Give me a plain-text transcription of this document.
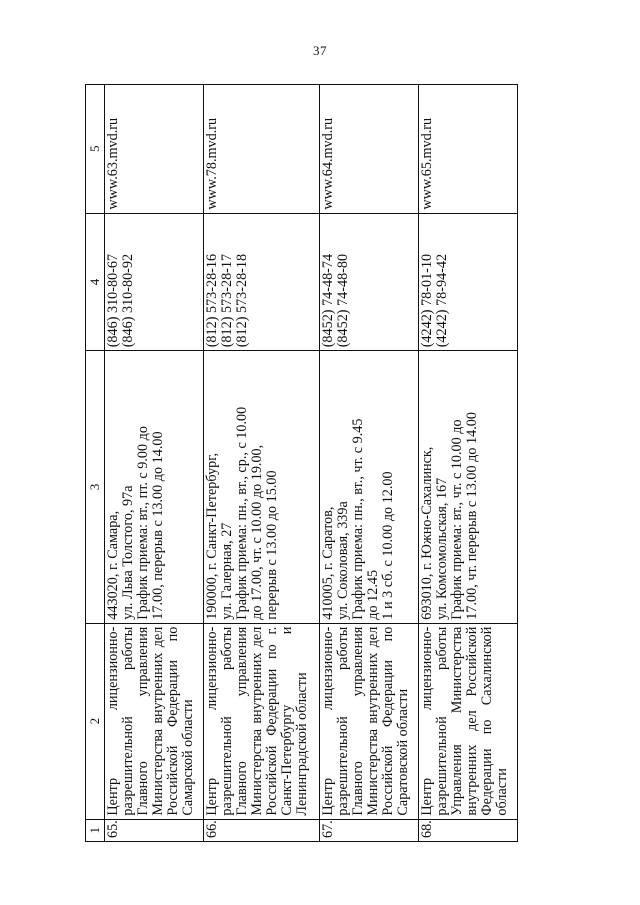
37
1	2	3	4	5
65.	Центр лицензионно-разрешительной работы Главного управления Министерства внутренних дел Российской Федерации по Самарской области	443020, г. Самара, ул. Льва Толстого, 97а График приема: вт., пт. с 9.00 до 17.00, перерыв с 13.00 до 14.00	(846) 310-80-67 (846) 310-80-92	www.63.mvd.ru
66.	Центр лицензионно-разрешительной работы Главного управления Министерства внутренних дел Российской Федерации по г. Санкт-Петербургу и Ленинградской области	190000, г. Санкт-Петербург, ул. Галерная, 27 График приема: пн., вт., ср., с 10.00 до 17.00, чт. с 10.00 до 19.00, перерыв с 13.00 до 15.00	(812) 573-28-16 (812) 573-28-17 (812) 573-28-18	www.78.mvd.ru
67.	Центр лицензионно-разрешительной работы Главного управления Министерства внутренних дел Российской Федерации по Саратовской области	410005, г. Саратов, ул. Соколовая, 339а График приема: пн., вт., чт. с 9.45 до 12.45 1 и 3 сб. с 10.00 до 12.00	(8452) 74-48-74 (8452) 74-48-80	www.64.mvd.ru
68.	Центр лицензионно-разрешительной работы Управления Министерства внутренних дел Российской Федерации по Сахалинской области	693010, г. Южно-Сахалинск, ул. Комсомольская, 167 График приема: вт., чт. с 10.00 до 17.00, чт. перерыв с 13.00 до 14.00	(4242) 78-01-10 (4242) 78-94-42	www.65.mvd.ru
